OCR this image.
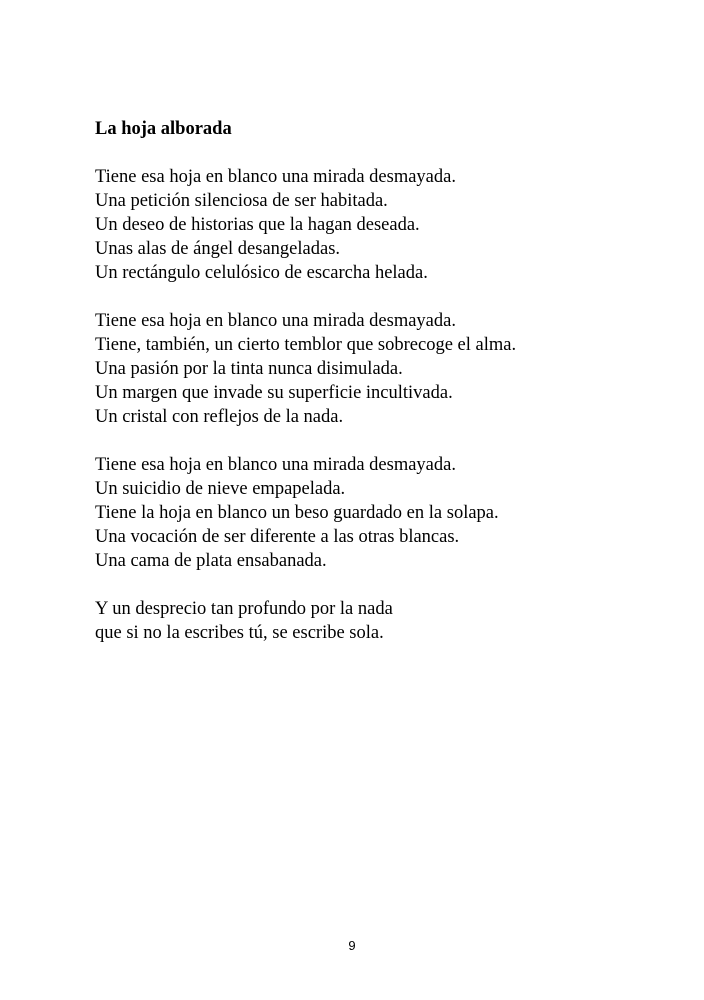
La hoja alborada
Tiene esa hoja en blanco una mirada desmayada.
Una petición silenciosa de ser habitada.
Un deseo de historias que la hagan deseada.
Unas alas de ángel desangeladas.
Un rectángulo celulósico de escarcha helada.
Tiene esa hoja en blanco una mirada desmayada.
Tiene, también, un cierto temblor que sobrecoge el alma.
Una pasión por la tinta nunca disimulada.
Un margen que invade su superficie incultivada.
Un cristal con reflejos de la nada.
Tiene esa hoja en blanco una mirada desmayada.
Un suicidio de nieve empapelada.
Tiene la hoja en blanco un beso guardado en la solapa.
Una vocación de ser diferente a las otras blancas.
Una cama de plata ensabanada.
Y un desprecio tan profundo por la nada
que si no la escribes tú, se escribe sola.
9
